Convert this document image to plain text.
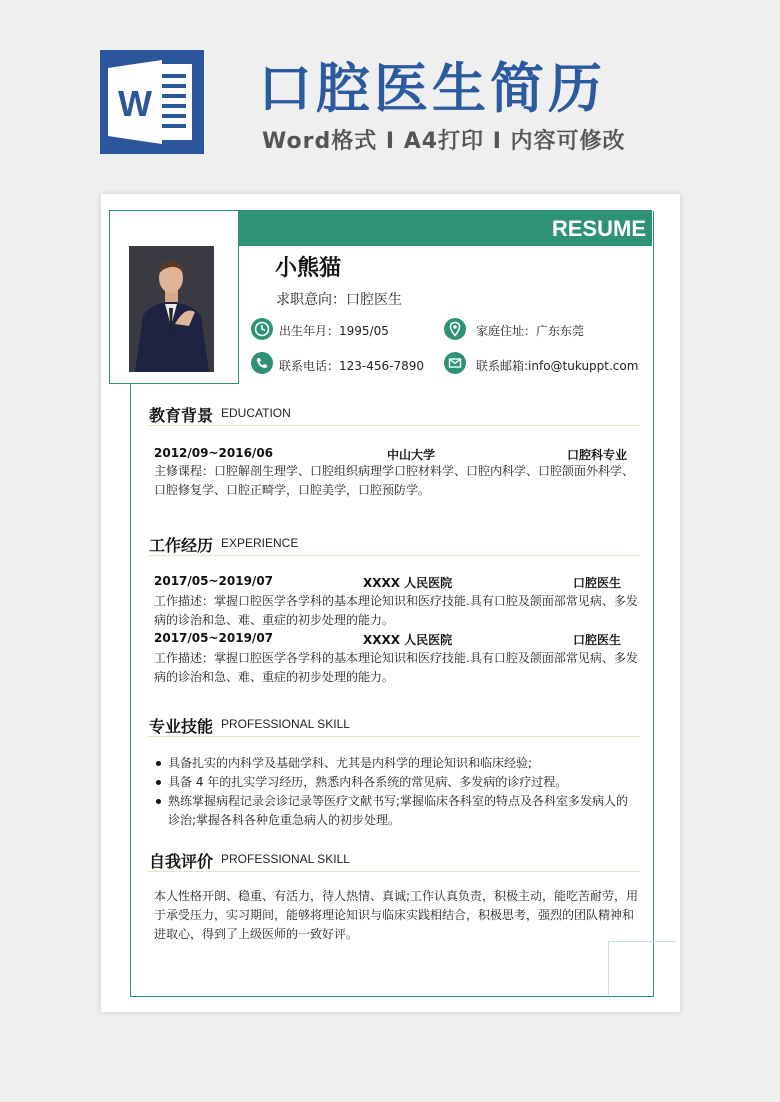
W 口腔医生简历
Word格式 I A4打印 I 内容可修改
RESUME
小熊猫
求职意向：口腔医生
出生年月：1995/05	家庭住址：广东东莞
联系电话：123-456-7890	联系邮箱:info@tukuppt.com
教育背景 EDUCATION
2012/09~2016/06	中山大学	口腔科专业
主修课程：口腔解剖生理学、口腔组织病理学口腔材料学、口腔内科学、口腔颌面外科学、口腔修复学、口腔正畸学，口腔美学，口腔预防学。
工作经历 EXPERIENCE
2017/05~2019/07	XXXX 人民医院	口腔医生
工作描述：掌握口腔医学各学科的基本理论知识和医疗技能.具有口腔及颌面部常见病、多发病的诊治和急、难、重症的初步处理的能力。
2017/05~2019/07	XXXX 人民医院	口腔医生
工作描述：掌握口腔医学各学科的基本理论知识和医疗技能.具有口腔及颌面部常见病、多发病的诊治和急、难、重症的初步处理的能力。
专业技能 PROFESSIONAL SKILL
具备扎实的内科学及基础学科、尤其是内科学的理论知识和临床经验;
具备 4 年的扎实学习经历，熟悉内科各系统的常见病、多发病的诊疗过程。
熟练掌握病程记录会诊记录等医疗文献书写;掌握临床各科室的特点及各科室多发病人的诊治;掌握各科各种危重急病人的初步处理。
自我评价 PROFESSIONAL SKILL
本人性格开朗、稳重、有活力，待人热情、真诚;工作认真负责，积极主动，能吃苦耐劳，用于承受压力，实习期间，能够将理论知识与临床实践相结合，积极思考，强烈的团队精神和进取心，得到了上级医师的一致好评。
